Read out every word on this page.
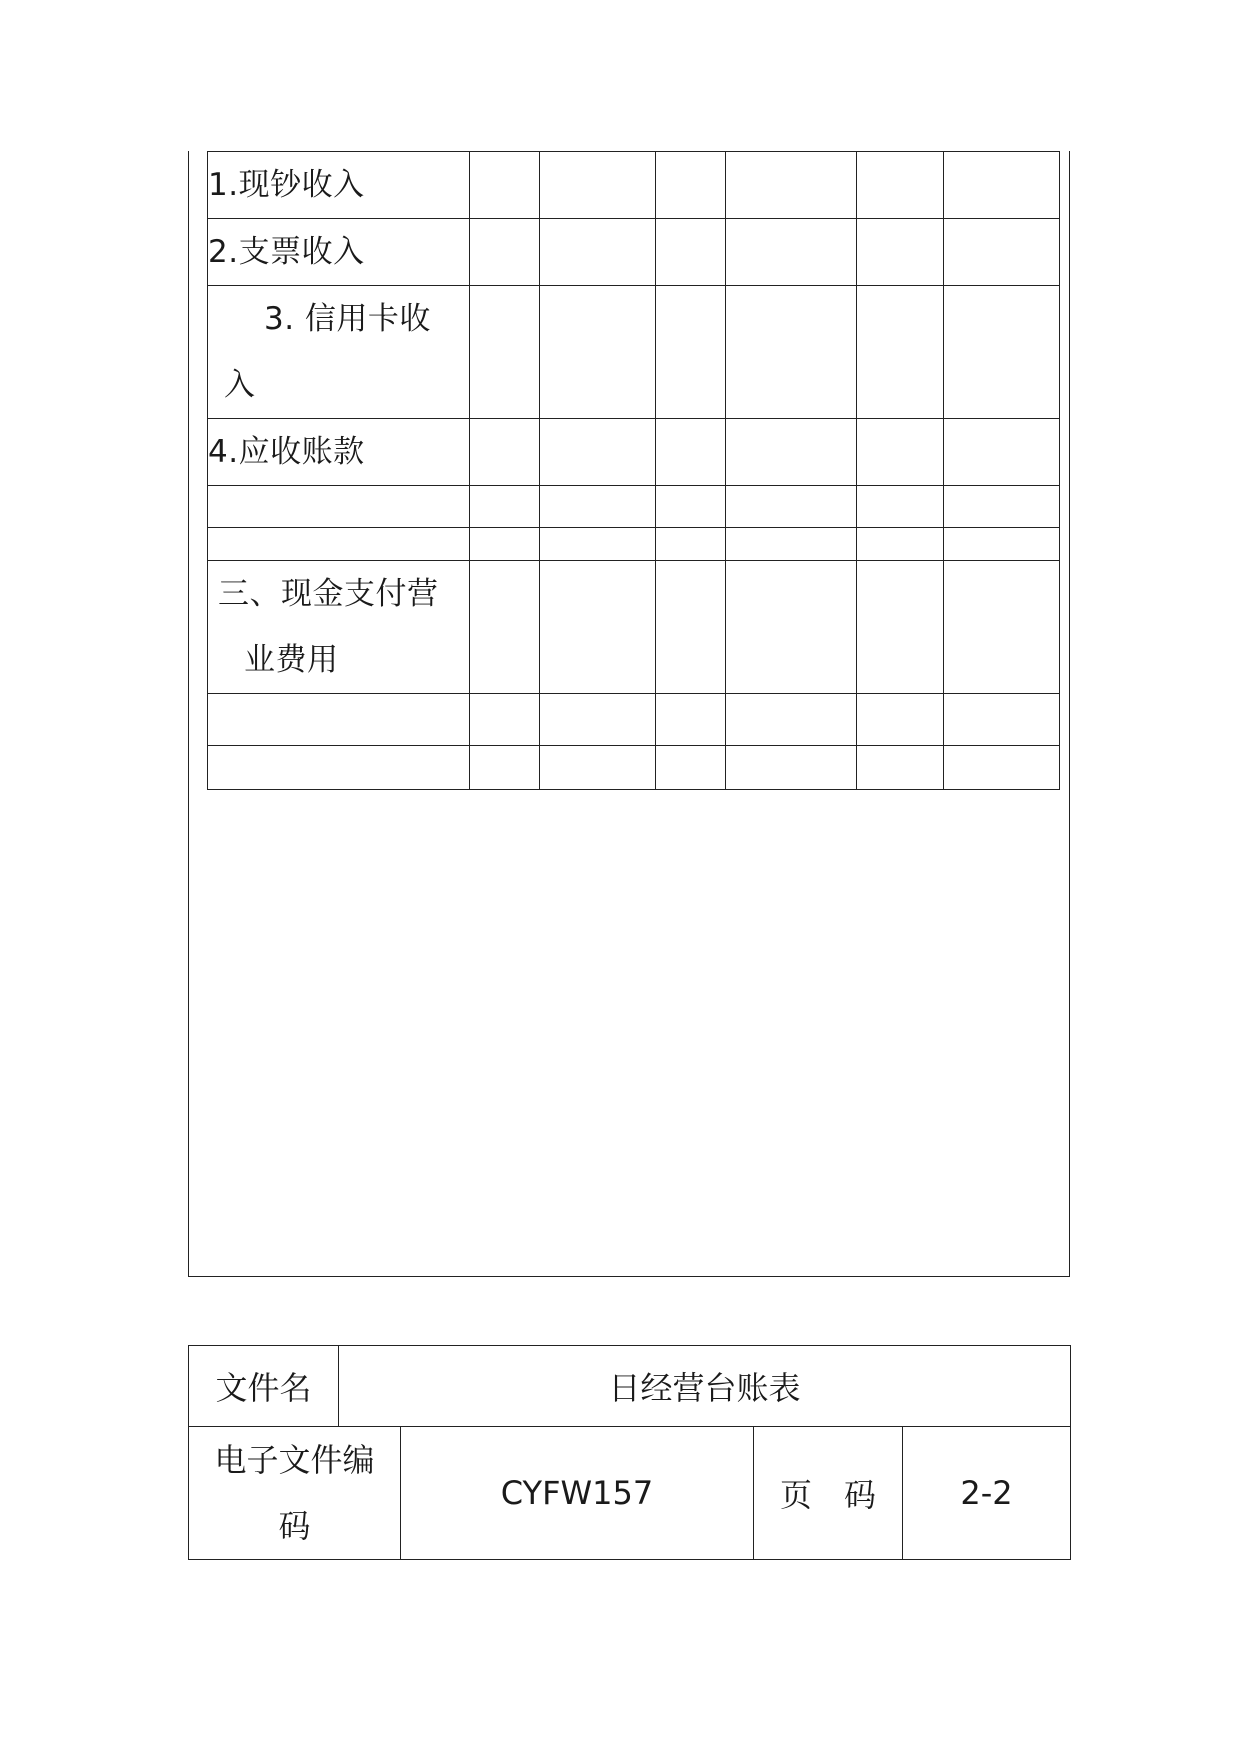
1.现钞收入						
2.支票收入						
3. 信用卡收
入						

4.应收账款						

三、现金支付营
业费用						

文件名	日经营台账表			
电子文件编
码		CYFW157	页　码	2-2
